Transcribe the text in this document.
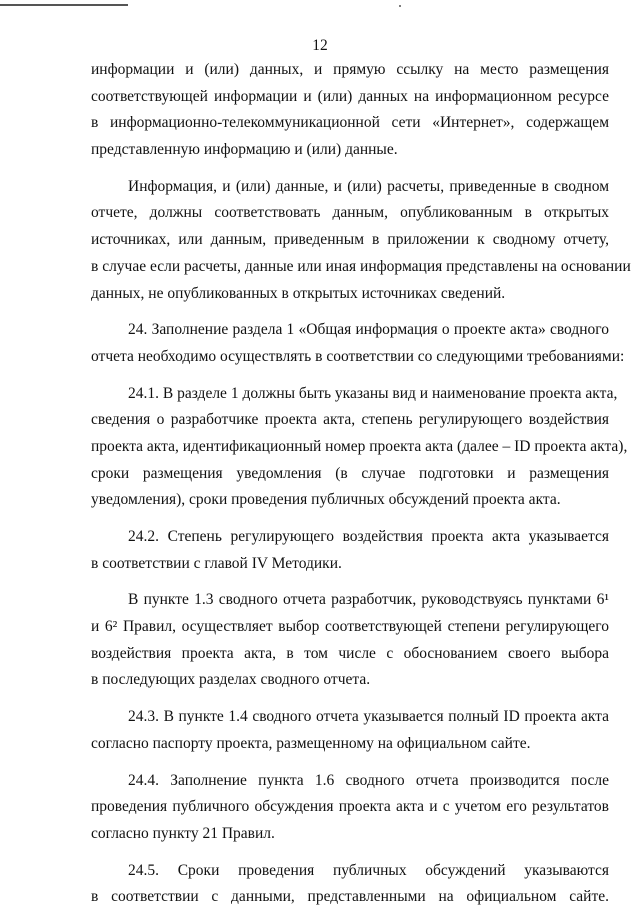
12
информации и (или) данных, и прямую ссылку на место размещения
соответствующей информации и (или) данных на информационном ресурсе
в информационно-телекоммуникационной сети «Интернет», содержащем
представленную информацию и (или) данные.
Информация, и (или) данные, и (или) расчеты, приведенные в сводном
отчете, должны соответствовать данным, опубликованным в открытых
источниках, или данным, приведенным в приложении к сводному отчету,
в случае если расчеты, данные или иная информация представлены на основании
данных, не опубликованных в открытых источниках сведений.
24. Заполнение раздела 1 «Общая информация о проекте акта» сводного
отчета необходимо осуществлять в соответствии со следующими требованиями:
24.1. В разделе 1 должны быть указаны вид и наименование проекта акта,
сведения о разработчике проекта акта, степень регулирующего воздействия
проекта акта, идентификационный номер проекта акта (далее – ID проекта акта),
сроки размещения уведомления (в случае подготовки и размещения
уведомления), сроки проведения публичных обсуждений проекта акта.
24.2. Степень регулирующего воздействия проекта акта указывается
в соответствии с главой IV Методики.
В пункте 1.3 сводного отчета разработчик, руководствуясь пунктами 6¹
и 6² Правил, осуществляет выбор соответствующей степени регулирующего
воздействия проекта акта, в том числе с обоснованием своего выбора
в последующих разделах сводного отчета.
24.3. В пункте 1.4 сводного отчета указывается полный ID проекта акта
согласно паспорту проекта, размещенному на официальном сайте.
24.4. Заполнение пункта 1.6 сводного отчета производится после
проведения публичного обсуждения проекта акта и с учетом его результатов
согласно пункту 21 Правил.
24.5. Сроки проведения публичных обсуждений указываются
в соответствии с данными, представленными на официальном сайте.
